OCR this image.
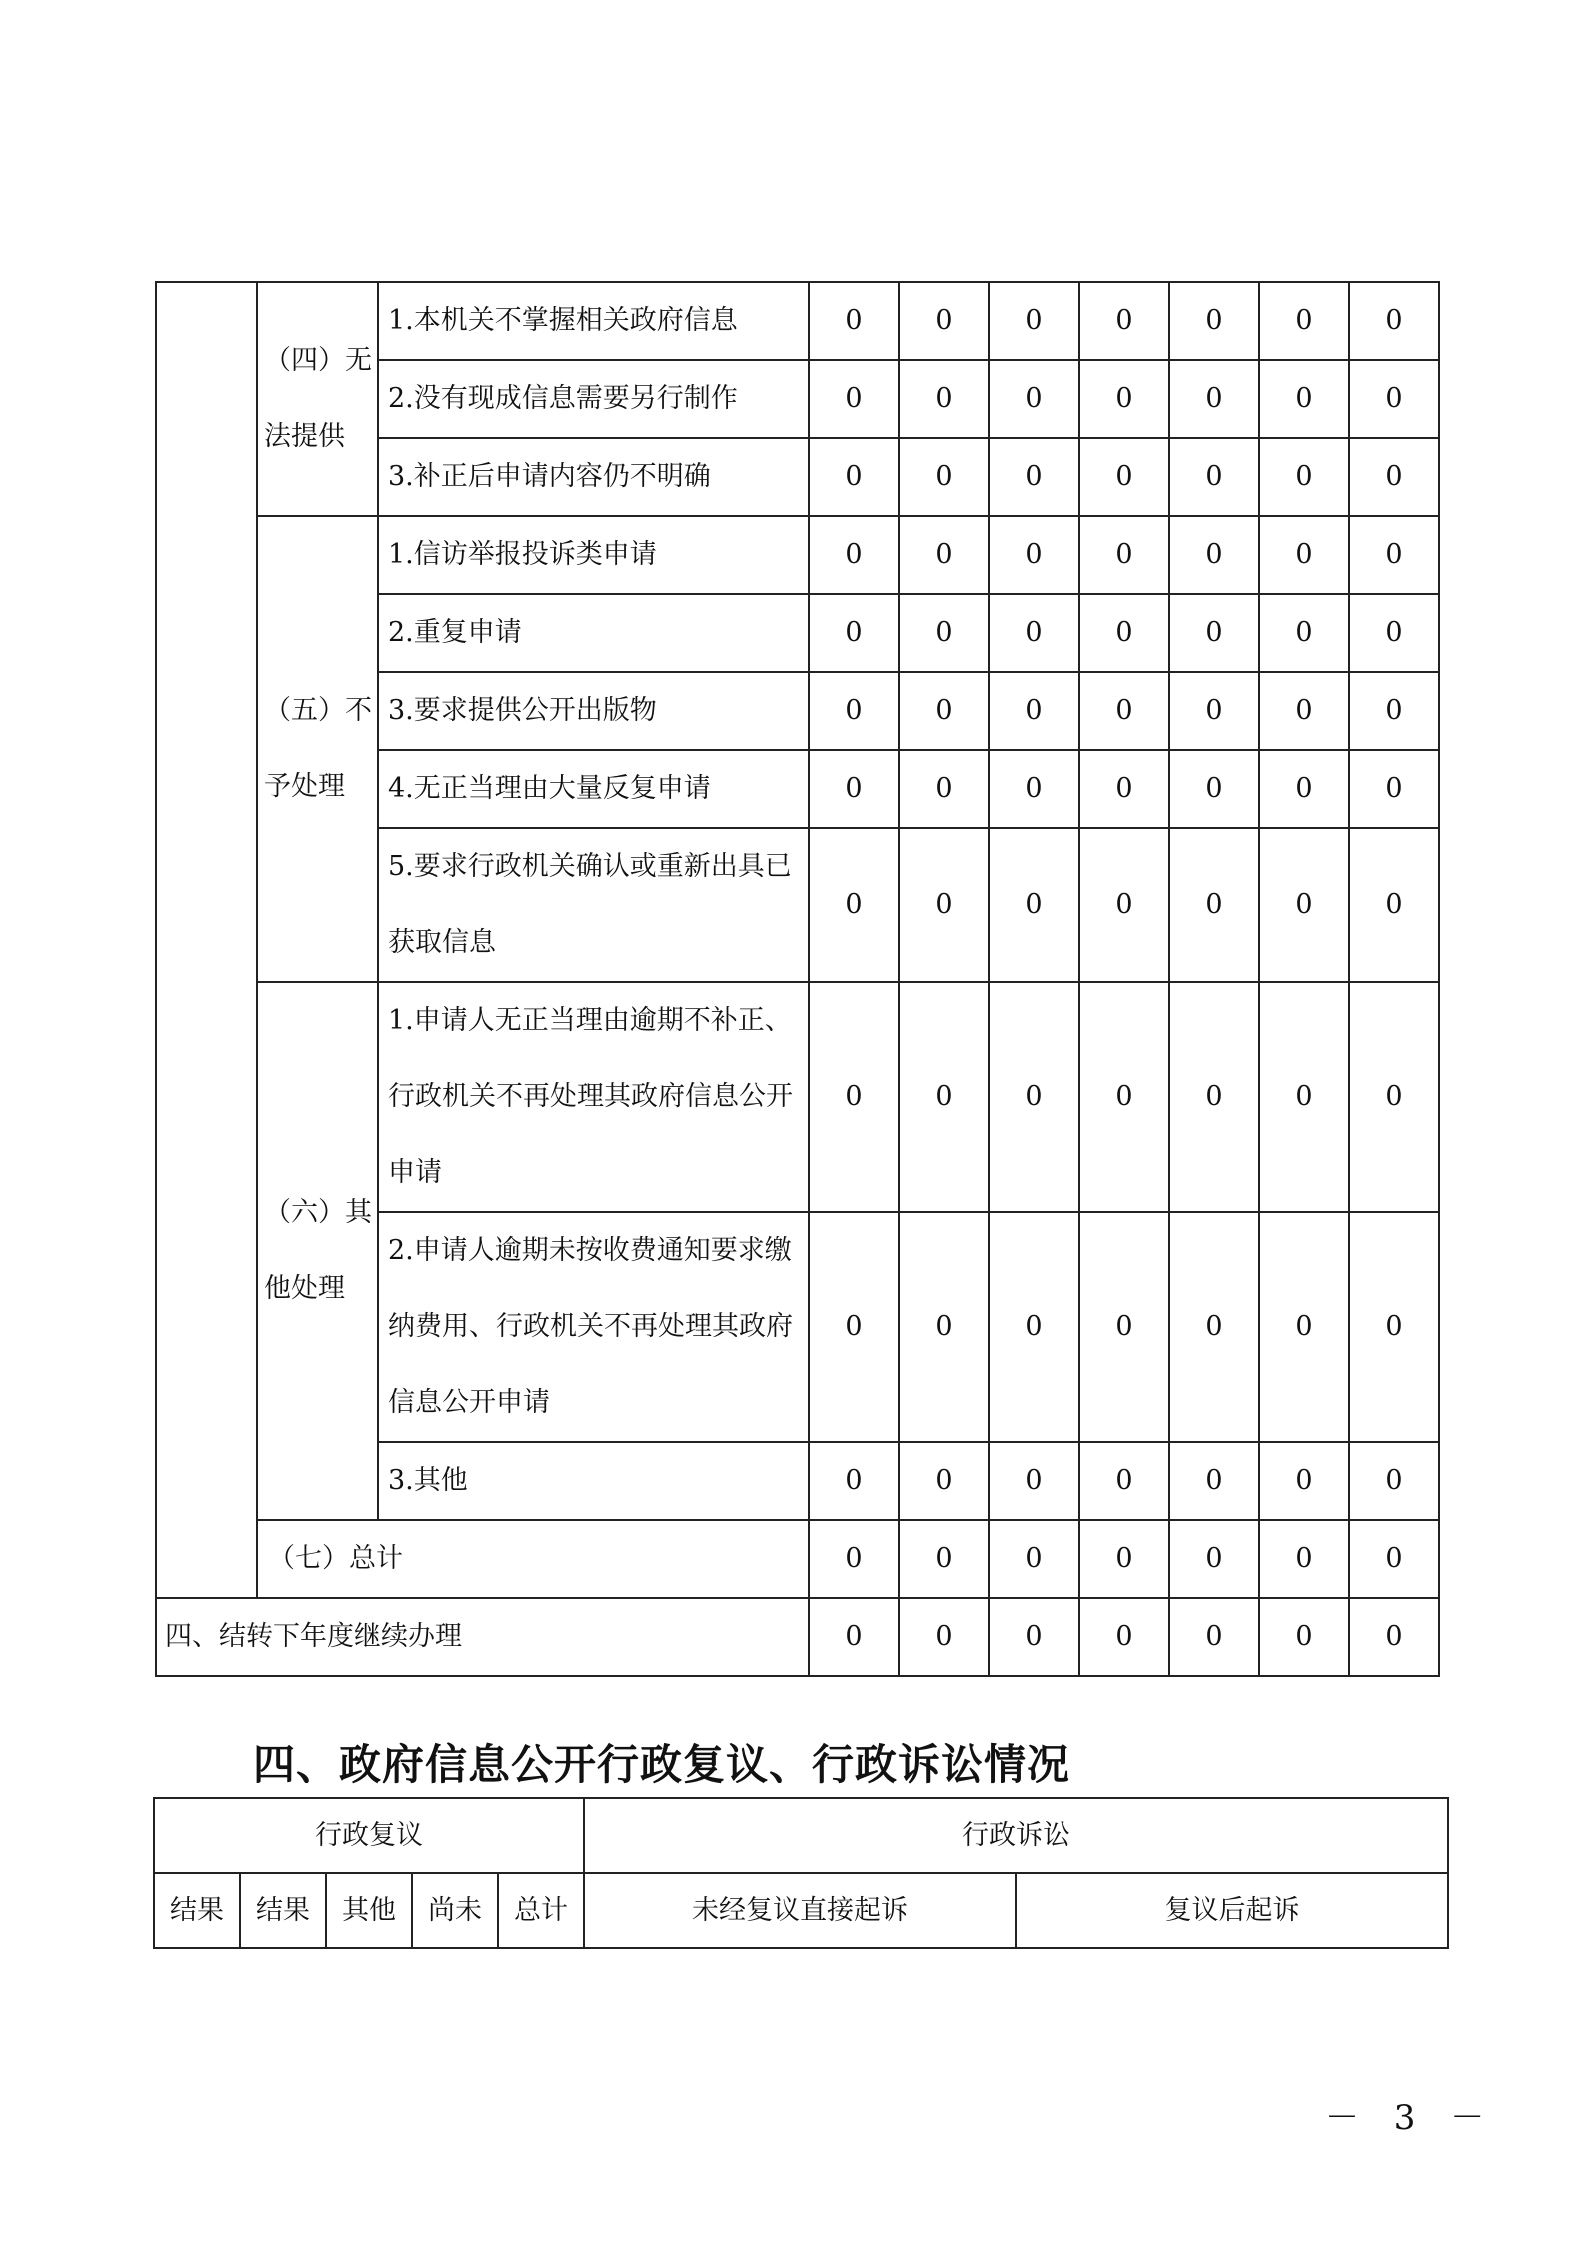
	（四）无法提供	1.本机关不掌握相关政府信息	0	0	0	0	0	0	0
		2.没有现成信息需要另行制作	0	0	0	0	0	0	0
		3.补正后申请内容仍不明确	0	0	0	0	0	0	0
	（五）不予处理	1.信访举报投诉类申请	0	0	0	0	0	0	0
		2.重复申请	0	0	0	0	0	0	0
		3.要求提供公开出版物	0	0	0	0	0	0	0
		4.无正当理由大量反复申请	0	0	0	0	0	0	0
		5.要求行政机关确认或重新出具已获取信息	0	0	0	0	0	0	0
	（六）其他处理	1.申请人无正当理由逾期不补正、行政机关不再处理其政府信息公开申请	0	0	0	0	0	0	0
		2.申请人逾期未按收费通知要求缴纳费用、行政机关不再处理其政府信息公开申请	0	0	0	0	0	0	0
		3.其他	0	0	0	0	0	0	0
	（七）总计		0	0	0	0	0	0	0
四、结转下年度继续办理			0	0	0	0	0	0	0
四、政府信息公开行政复议、行政诉讼情况
行政复议					行政诉讼	
结果	结果	其他	尚未	总计	未经复议直接起诉	复议后起诉
－ 3 －
